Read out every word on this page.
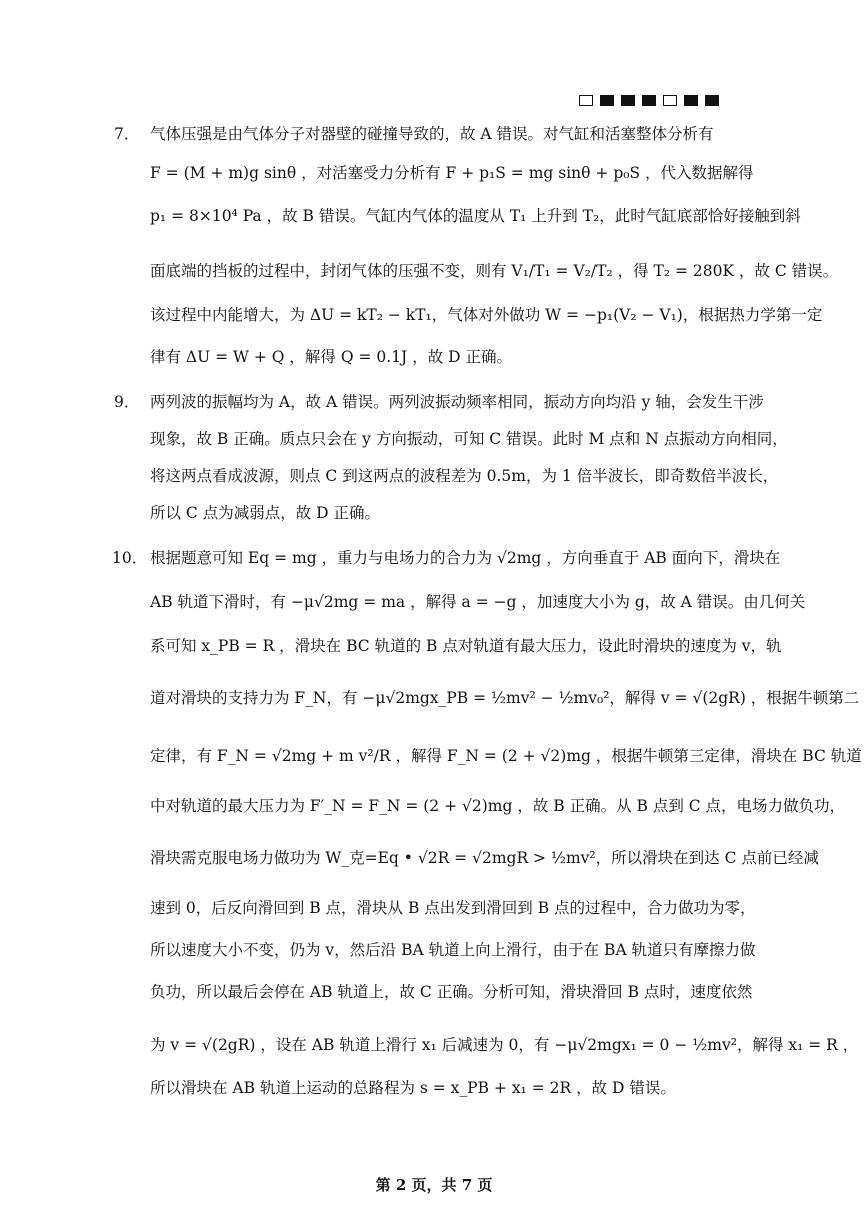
7． 气体压强是由气体分子对器壁的碰撞导致的，故 A 错误。对气缸和活塞整体分析有
F = (M + m)g sinθ ，对活塞受力分析有 F + p₁S = mg sinθ + p₀S ，代入数据解得
p₁ = 8×10⁴ Pa ，故 B 错误。气缸内气体的温度从 T₁ 上升到 T₂，此时气缸底部恰好接触到斜
面底端的挡板的过程中，封闭气体的压强不变，则有 V₁/T₁ = V₂/T₂ ，得 T₂ = 280K ，故 C 错误。
该过程中内能增大，为 ΔU = kT₂ − kT₁，气体对外做功 W = −p₁(V₂ − V₁)，根据热力学第一定
律有 ΔU = W + Q ，解得 Q = 0.1J ，故 D 正确。
9． 两列波的振幅均为 A，故 A 错误。两列波振动频率相同，振动方向均沿 y 轴，会发生干涉
现象，故 B 正确。质点只会在 y 方向振动，可知 C 错误。此时 M 点和 N 点振动方向相同，
将这两点看成波源，则点 C 到这两点的波程差为 0.5m，为 1 倍半波长，即奇数倍半波长，
所以 C 点为减弱点，故 D 正确。
10． 根据题意可知 Eq = mg ，重力与电场力的合力为 √2mg ，方向垂直于 AB 面向下，滑块在
AB 轨道下滑时，有 −μ√2mg = ma ，解得 a = −g ，加速度大小为 g，故 A 错误。由几何关
系可知 x_PB = R ，滑块在 BC 轨道的 B 点对轨道有最大压力，设此时滑块的速度为 v，轨
道对滑块的支持力为 F_N，有 −μ√2mgx_PB = ½mv² − ½mv₀²，解得 v = √(2gR) ，根据牛顿第二
定律，有 F_N = √2mg + m v²/R ，解得 F_N = (2 + √2)mg ，根据牛顿第三定律，滑块在 BC 轨道
中对轨道的最大压力为 F′_N = F_N = (2 + √2)mg ，故 B 正确。从 B 点到 C 点，电场力做负功，
滑块需克服电场力做功为 W_克=Eq • √2R = √2mgR > ½mv²，所以滑块在到达 C 点前已经减
速到 0，后反向滑回到 B 点，滑块从 B 点出发到滑回到 B 点的过程中，合力做功为零，
所以速度大小不变，仍为 v，然后沿 BA 轨道上向上滑行，由于在 BA 轨道只有摩擦力做
负功，所以最后会停在 AB 轨道上，故 C 正确。分析可知，滑块滑回 B 点时，速度依然
为 v = √(2gR) ，设在 AB 轨道上滑行 x₁ 后减速为 0，有 −μ√2mgx₁ = 0 − ½mv²，解得 x₁ = R ，
所以滑块在 AB 轨道上运动的总路程为 s = x_PB + x₁ = 2R ，故 D 错误。
第 2 页，共 7 页
